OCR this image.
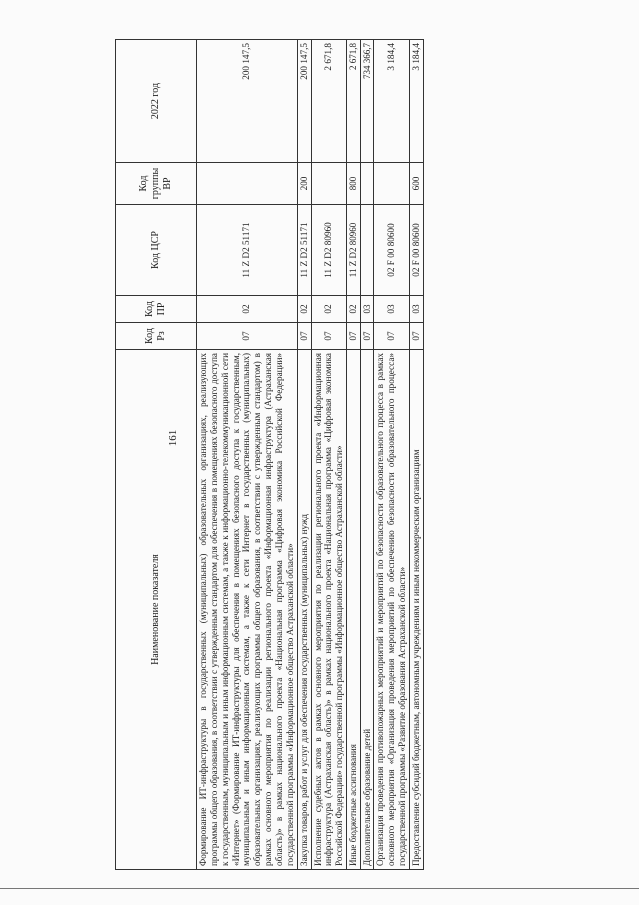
161
Наименование показателя	Код Рз	Код ПР	Код ЦСР	Код группы ВР	2022 год
Формирование ИТ-инфраструктуры в государственных (муниципальных) образовательных организациях, реализующих программы общего образования, в соответствии с утвержденным стандартом для обеспечения в помещениях безопасного доступа к государственным, муниципальным и иным информационным системам, а также к информационно-телекоммуникационной сети «Интернет» (Формирование ИТ-инфраструктуры для обеспечения в помещениях безопасного доступа к государственным, муниципальным и иным информационным системам, а также к сети Интернет в государственных (муниципальных) образовательных организациях, реализующих программы общего образования, в соответствии с утвержденным стандартом) в рамках основного мероприятия по реализации регионального проекта «Информационная инфраструктура (Астраханская область)» в рамках национального проекта «Национальная программа «Цифровая экономика Российской Федерации» государственной программы «Информационное общество Астраханской области»	07	02	11 Z D2 51171		200 147,5
Закупка товаров, работ и услуг для обеспечения государственных (муниципальных) нужд	07	02	11 Z D2 51171	200	200 147,5
Исполнение судебных актов в рамках основного мероприятия по реализации регионального проекта «Информационная инфраструктура (Астраханская область)» в рамках национального проекта «Национальная программа «Цифровая экономика Российской Федерации» государственной программы «Информационное общество Астраханской области»	07	02	11 Z D2 80960		2 671,8
Иные бюджетные ассигнования	07	02	11 Z D2 80960	800	2 671,8
Дополнительное образование детей	07	03			734 366,7
Организация проведения противопожарных мероприятий и мероприятий по безопасности образовательного процесса в рамках основного мероприятия «Организация проведения мероприятий по обеспечению безопасности образовательного процесса» государственной программы «Развитие образования Астраханской области»	07	03	02 F 00 80600		3 184,4
Предоставление субсидий бюджетным, автономным учреждениям и иным некоммерческим организациям	07	03	02 F 00 80600	600	3 184,4
